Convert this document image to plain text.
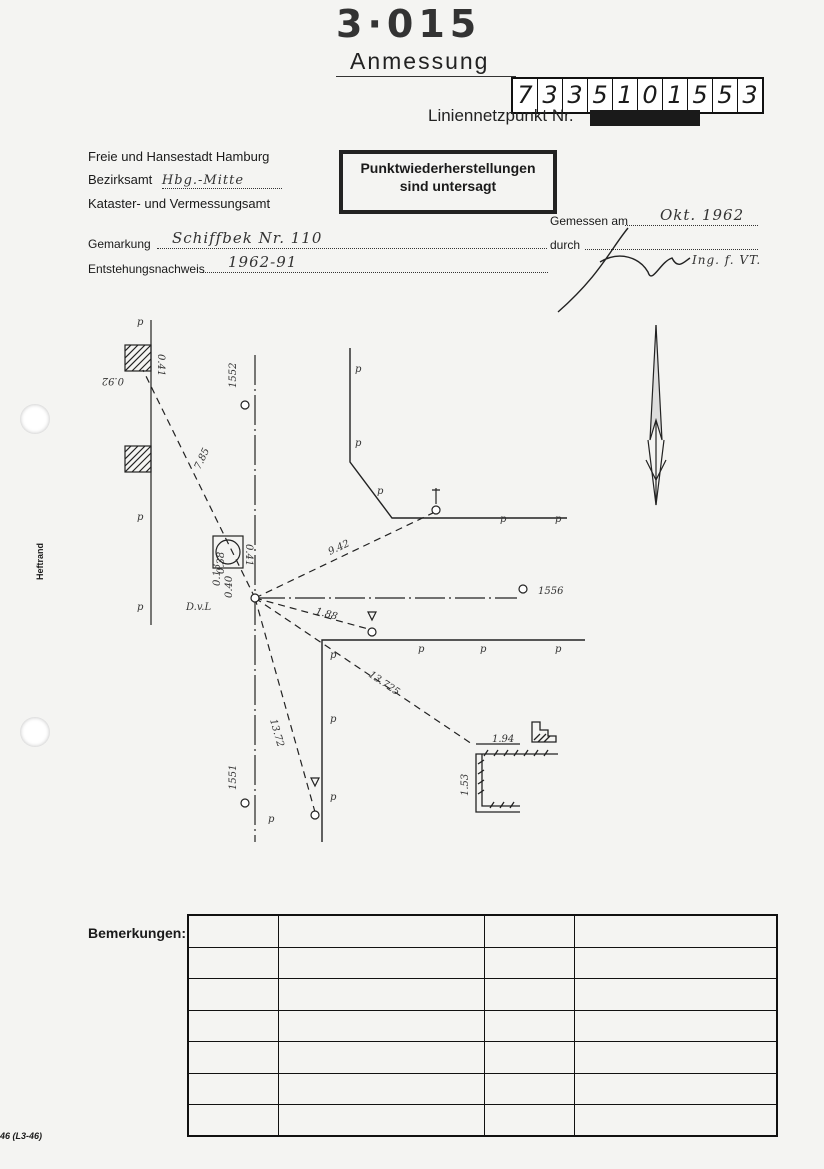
3·015
Anmessung
7 3 3 5 1 0 1 5 5 3
Liniennetzpunkt Nr.
Freie und Hansestadt Hamburg
Bezirksamt Hbg.-Mitte
Kataster- und Vermessungsamt
Punktwiederherstellungen
sind untersagt
Gemarkung Schiffbek Nr. 110
Entstehungsnachweis 1962-91
Gemessen am Okt. 1962
durch
Ing. f. VT.
p
p
p
p
p
p
p	p
p
p
p
p	p	p
p
1552
1556
1551
7.85
9.42
1.88
13.725
13.72	1.94
1.53
0.92
0.41
0.41
0.38
0.13
0.40
D.v.L
Heftrand
Bemerkungen:

46 (L3-46)
